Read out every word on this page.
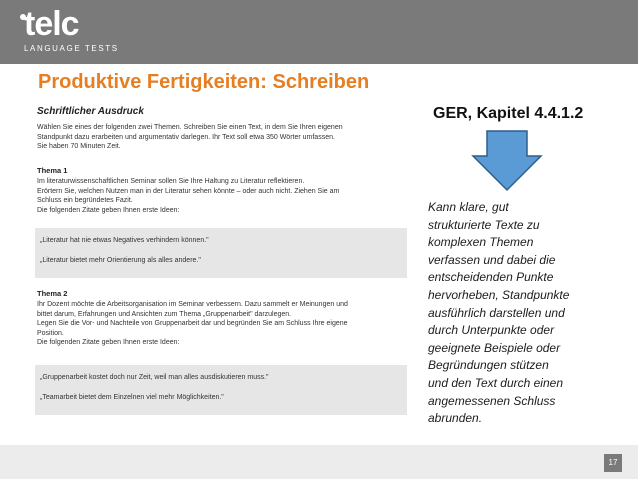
telc
LANGUAGE TESTS
Produktive Fertigkeiten: Schreiben
Schriftlicher Ausdruck
Wählen Sie eines der folgenden zwei Themen. Schreiben Sie einen Text, in dem Sie Ihren eigenen
Standpunkt dazu erarbeiten und argumentativ darlegen. Ihr Text soll etwa 350 Wörter umfassen.
Sie haben 70 Minuten Zeit.
Thema 1
Im literaturwissenschaftlichen Seminar sollen Sie Ihre Haltung zu Literatur reflektieren.
Erörtern Sie, welchen Nutzen man in der Literatur sehen könnte – oder auch nicht. Ziehen Sie am
Schluss ein begründetes Fazit.
Die folgenden Zitate geben Ihnen erste Ideen:
„Literatur hat nie etwas Negatives verhindern können."
„Literatur bietet mehr Orientierung als alles andere."
Thema 2
Ihr Dozent möchte die Arbeitsorganisation im Seminar verbessern. Dazu sammelt er Meinungen und
bittet darum, Erfahrungen und Ansichten zum Thema „Gruppenarbeit" darzulegen.
Legen Sie die Vor- und Nachteile von Gruppenarbeit dar und begründen Sie am Schluss Ihre eigene
Position.
Die folgenden Zitate geben Ihnen erste Ideen:
„Gruppenarbeit kostet doch nur Zeit, weil man alles ausdiskutieren muss."
„Teamarbeit bietet dem Einzelnen viel mehr Möglichkeiten."
GER, Kapitel 4.4.1.2
Kann klare, gut
strukturierte Texte zu
komplexen Themen
verfassen und dabei die
entscheidenden Punkte
hervorheben, Standpunkte
ausführlich darstellen und
durch Unterpunkte oder
geeignete Beispiele oder
Begründungen stützen
und den Text durch einen
angemessenen Schluss
abrunden.
17
